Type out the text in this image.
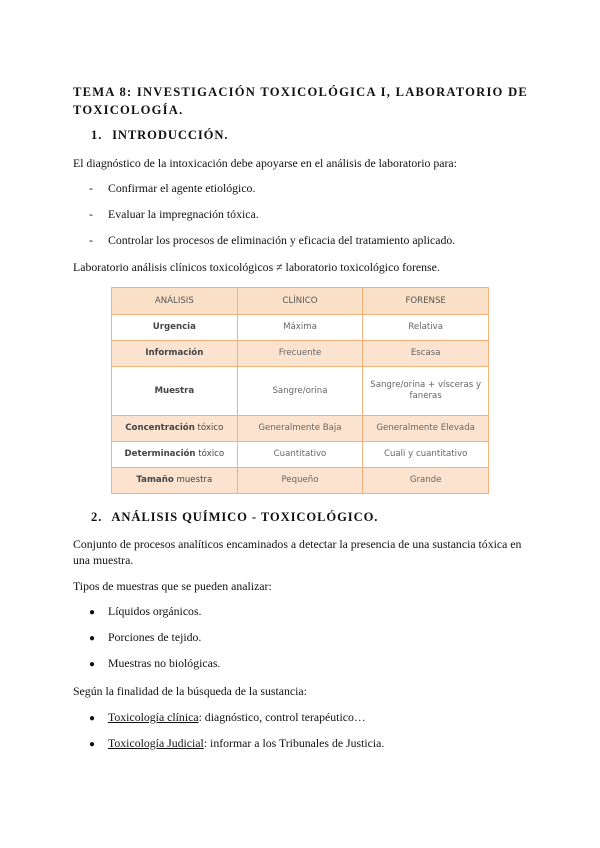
TEMA 8: INVESTIGACIÓN TOXICOLÓGICA I, LABORATORIO DE TOXICOLOGÍA.
1. INTRODUCCIÓN.
El diagnóstico de la intoxicación debe apoyarse en el análisis de laboratorio para:
- Confirmar el agente etiológico.
- Evaluar la impregnación tóxica.
- Controlar los procesos de eliminación y eficacia del tratamiento aplicado.
Laboratorio análisis clínicos toxicológicos ≠ laboratorio toxicológico forense.
ANÁLISIS	CLÍNICO	FORENSE
Urgencia	Máxima	Relativa
Información	Frecuente	Escasa
Muestra	Sangre/orina	Sangre/orina + vísceras y faneras
Concentración tóxico	Generalmente Baja	Generalmente Elevada
Determinación tóxico	Cuantitativo	Cuali y cuantitativo
Tamaño muestra	Pequeño	Grande
2. ANÁLISIS QUÍMICO - TOXICOLÓGICO.
Conjunto de procesos analíticos encaminados a detectar la presencia de una sustancia tóxica en una muestra.
Tipos de muestras que se pueden analizar:
● Líquidos orgánicos.
● Porciones de tejido.
● Muestras no biológicas.
Según la finalidad de la búsqueda de la sustancia:
● Toxicología clínica: diagnóstico, control terapéutico…
● Toxicología Judicial: informar a los Tribunales de Justicia.
